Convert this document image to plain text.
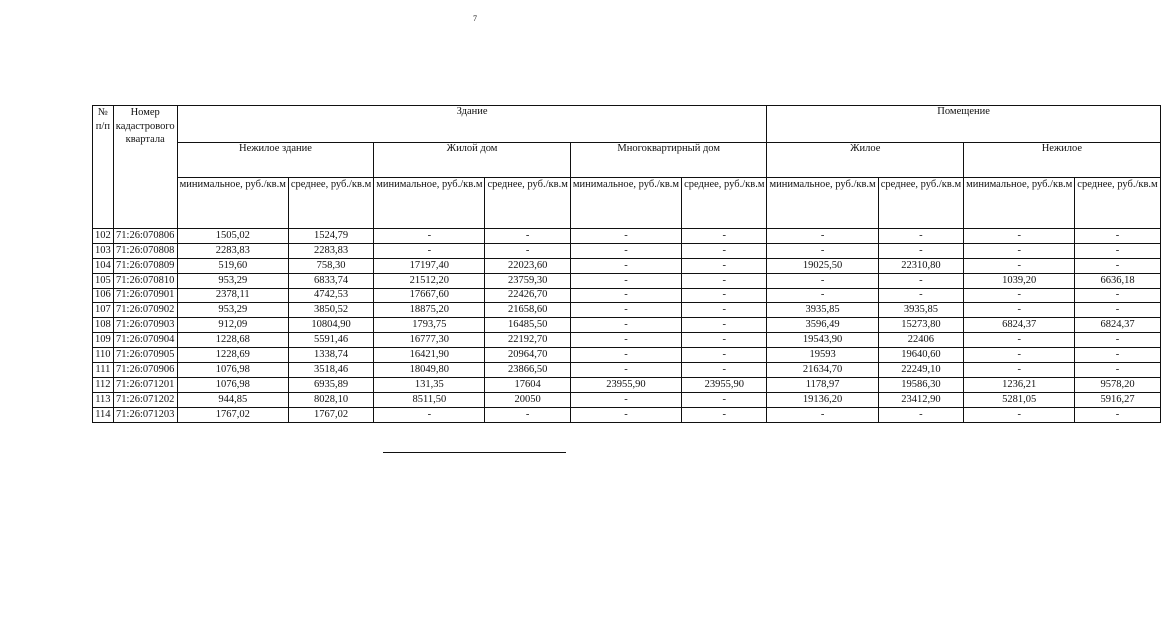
7
№ п/п	Номер кадастрового квартала	Здание						Помещение			
		Нежилое здание		Жилой дом		Многоквартирный дом		Жилое		Нежилое	
		минимальное, руб./кв.м	среднее, руб./кв.м	минимальное, руб./кв.м	среднее, руб./кв.м	минимальное, руб./кв.м	среднее, руб./кв.м	минимальное, руб./кв.м	среднее, руб./кв.м	минимальное, руб./кв.м	среднее, руб./кв.м
102	71:26:070806	1505,02	1524,79	-	-	-	-	-	-	-	-
103	71:26:070808	2283,83	2283,83	-	-	-	-	-	-	-	-
104	71:26:070809	519,60	758,30	17197,40	22023,60	-	-	19025,50	22310,80	-	-
105	71:26:070810	953,29	6833,74	21512,20	23759,30	-	-	-	-	1039,20	6636,18
106	71:26:070901	2378,11	4742,53	17667,60	22426,70	-	-	-	-	-	-
107	71:26:070902	953,29	3850,52	18875,20	21658,60	-	-	3935,85	3935,85	-	-
108	71:26:070903	912,09	10804,90	1793,75	16485,50	-	-	3596,49	15273,80	6824,37	6824,37
109	71:26:070904	1228,68	5591,46	16777,30	22192,70	-	-	19543,90	22406	-	-
110	71:26:070905	1228,69	1338,74	16421,90	20964,70	-	-	19593	19640,60	-	-
111	71:26:070906	1076,98	3518,46	18049,80	23866,50	-	-	21634,70	22249,10	-	-
112	71:26:071201	1076,98	6935,89	131,35	17604	23955,90	23955,90	1178,97	19586,30	1236,21	9578,20
113	71:26:071202	944,85	8028,10	8511,50	20050	-	-	19136,20	23412,90	5281,05	5916,27
114	71:26:071203	1767,02	1767,02	-	-	-	-	-	-	-	-
